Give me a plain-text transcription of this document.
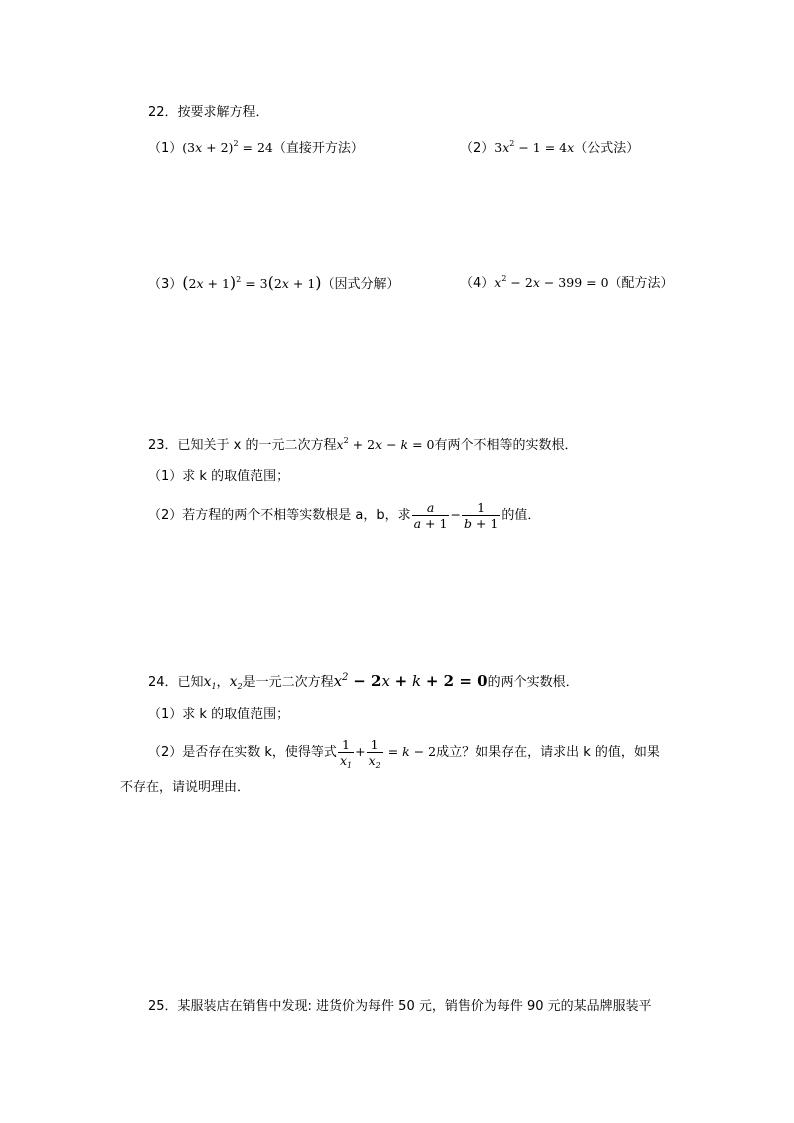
22．按要求解方程．
$(1)(3x + 2)^2 = 24$（直接开方法）	$(2)3x^2 - 1 = 4x$（公式法）
$(3)(2x + 1)^2 = 3(2x + 1)$（因式分解）	$(4)x^2 - 2x - 399 = 0$（配方法）
23．已知关于 x 的一元二次方程$x^2 + 2x - k = 0$有两个不相等的实数根．
（1）求 k 的取值范围；
（2）若方程的两个不相等实数根是 a，b，求 $\frac{a}{a + 1} - \frac{1}{b + 1}$ 的值．
24．已知$x_1$，$x_2$是一元二次方程$x^2 - 2x + k + 2 = 0$的两个实数根．
（1）求 k 的取值范围；
（2）是否存在实数 k，使得等式 $\frac{1}{x_1} + \frac{1}{x_2} = k - 2$成立？如果存在，请求出 k 的值，如果
不存在，请说明理由．
25．某服装店在销售中发现: 进货价为每件 50 元，销售价为每件 90 元的某品牌服装平
